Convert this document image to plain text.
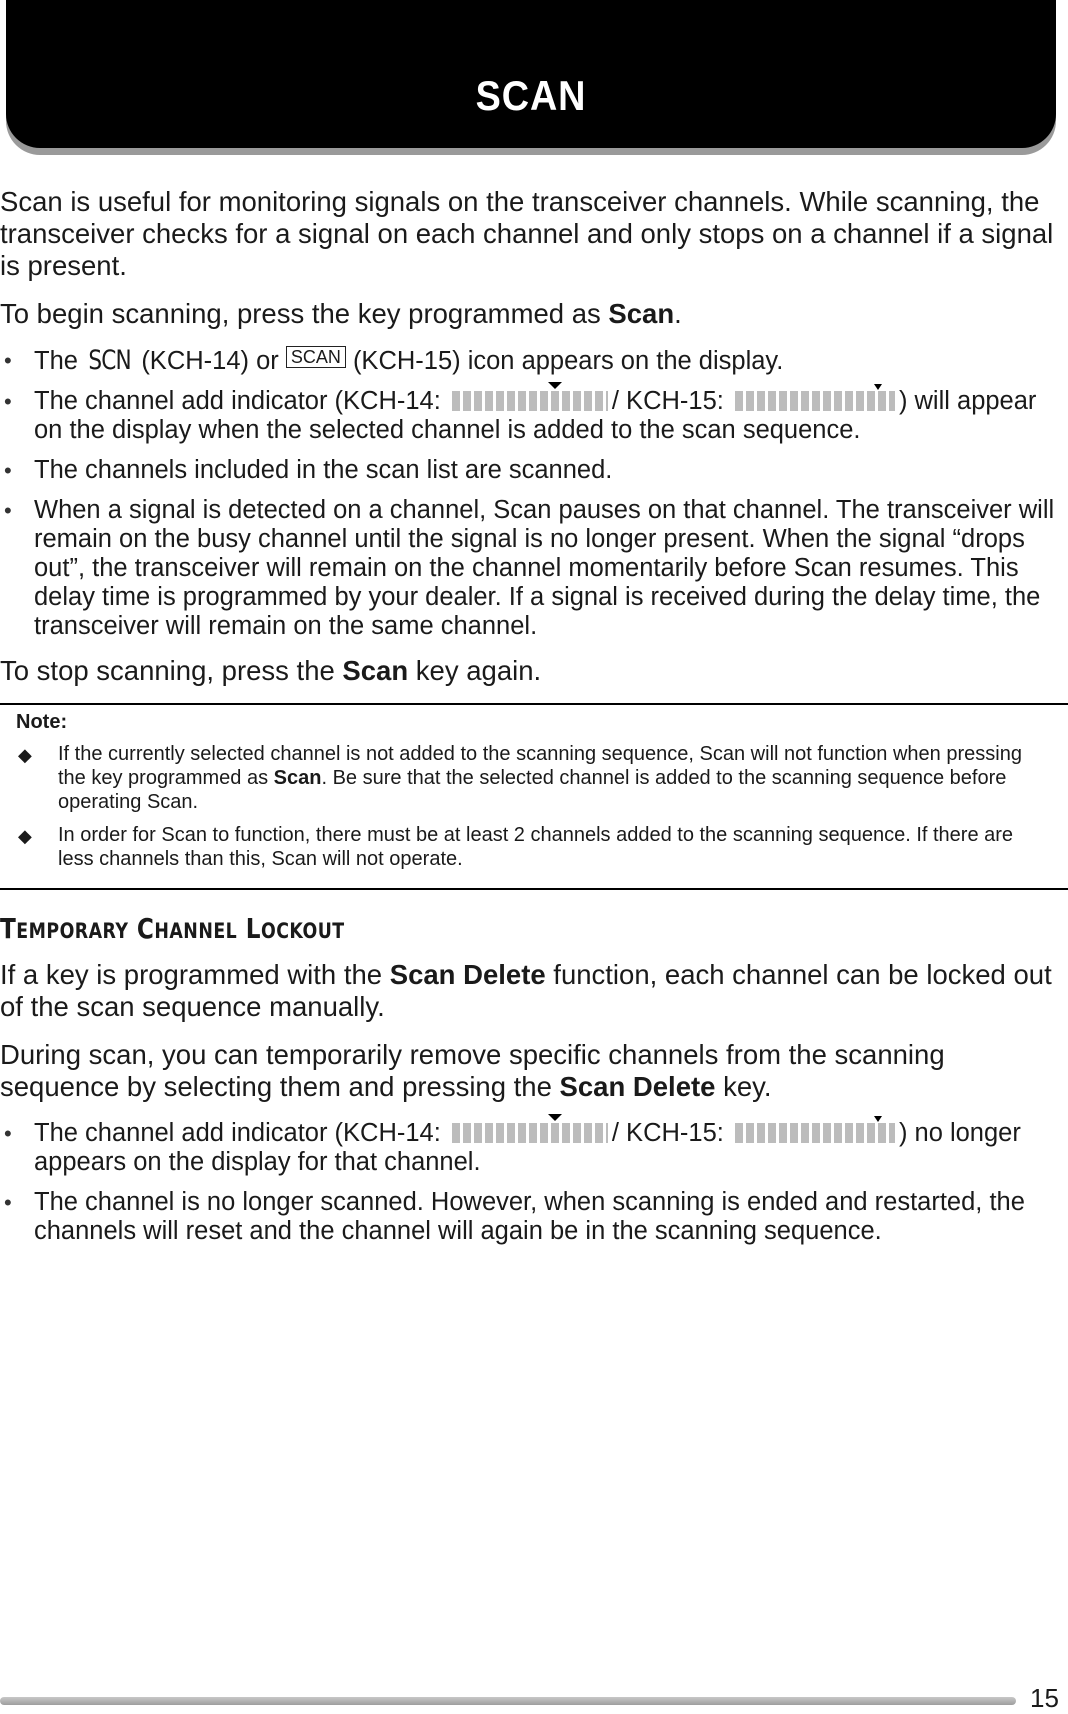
SCAN

Scan is useful for monitoring signals on the transceiver channels. While scanning, the transceiver checks for a signal on each channel and only stops on a channel if a signal is present.

To begin scanning, press the key programmed as Scan.

• The SCN (KCH-14) or SCAN (KCH-15) icon appears on the display.
• The channel add indicator (KCH-14:	/ KCH-15:	) will appear on the display when the selected channel is added to the scan sequence.
• The channels included in the scan list are scanned.
• When a signal is detected on a channel, Scan pauses on that channel. The transceiver will remain on the busy channel until the signal is no longer present. When the signal “drops out”, the transceiver will remain on the channel momentarily before Scan resumes. This delay time is programmed by your dealer. If a signal is received during the delay time, the transceiver will remain on the same channel.

To stop scanning, press the Scan key again.

Note:
◆ If the currently selected channel is not added to the scanning sequence, Scan will not function when pressing the key programmed as Scan. Be sure that the selected channel is added to the scanning sequence before operating Scan.
◆ In order for Scan to function, there must be at least 2 channels added to the scanning sequence. If there are less channels than this, Scan will not operate.
TEMPORARY CHANNEL LOCKOUT

If a key is programmed with the Scan Delete function, each channel can be locked out of the scan sequence manually.

During scan, you can temporarily remove specific channels from the scanning sequence by selecting them and pressing the Scan Delete key.

• The channel add indicator (KCH-14:	/ KCH-15:	) no longer appears on the display for that channel.
• The channel is no longer scanned. However, when scanning is ended and restarted, the channels will reset and the channel will again be in the scanning sequence.
15
